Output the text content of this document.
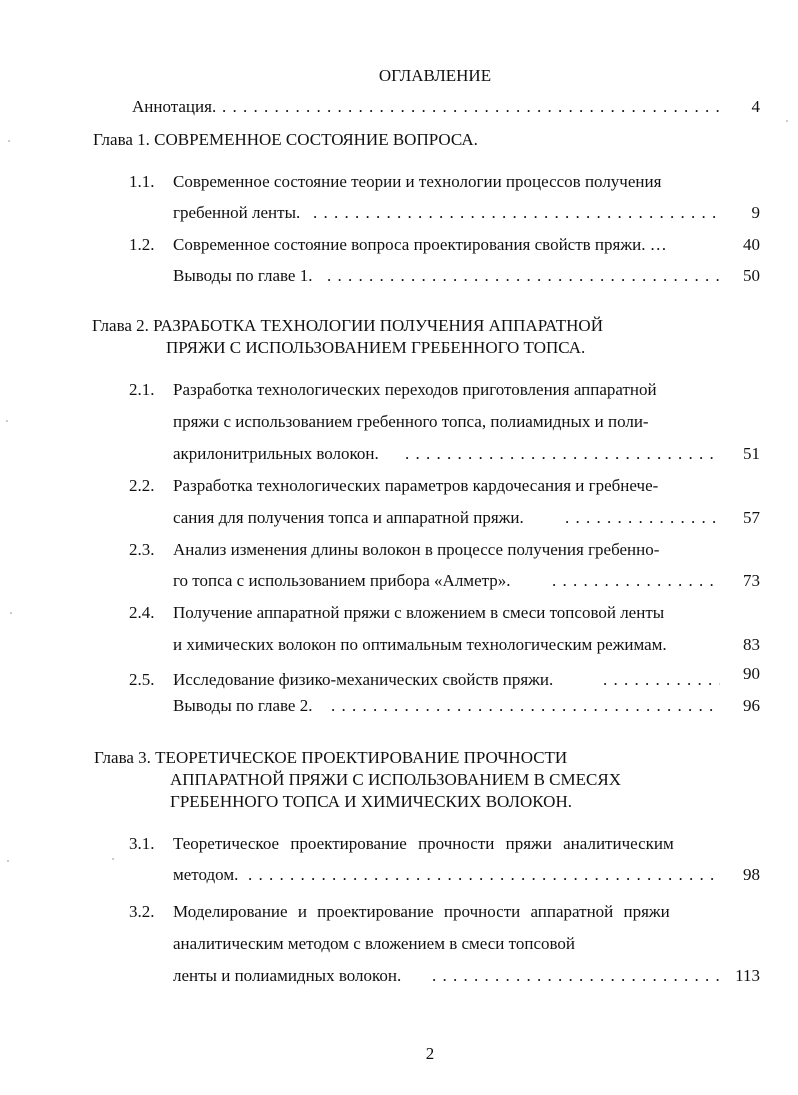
ОГЛАВЛЕНИЕ
Аннотация. . . .	4
Глава 1. СОВРЕМЕННОЕ СОСТОЯНИЕ ВОПРОСА.
1.1. Современное состояние теории и технологии процессов получения
гребенной ленты. . . .	9
1.2. Современное состояние вопроса проектирования свойств пряжи. …	40
Выводы по главе 1. . . .	50
Глава 2. РАЗРАБОТКА ТЕХНОЛОГИИ ПОЛУЧЕНИЯ АППАРАТНОЙ
ПРЯЖИ С ИСПОЛЬЗОВАНИЕМ ГРЕБЕННОГО ТОПСА.
2.1. Разработка технологических переходов приготовления аппаратной
пряжи с использованием гребенного топса, полиамидных и поли-
акрилонитрильных волокон. . . .	51
2.2. Разработка технологических параметров кардочесания и гребнече-
сания для получения топса и аппаратной пряжи. . . .	57
2.3. Анализ изменения длины волокон в процессе получения гребенно-
го топса с использованием прибора «Алметр». . . .	73
2.4. Получение аппаратной пряжи с вложением в смеси топсовой ленты
и химических волокон по оптимальным технологическим режимам.	83
2.5. Исследование физико-механических свойств пряжи. . . .	90
Выводы по главе 2. . . .	96
Глава 3. ТЕОРЕТИЧЕСКОЕ ПРОЕКТИРОВАНИЕ ПРОЧНОСТИ
АППАРАТНОЙ ПРЯЖИ С ИСПОЛЬЗОВАНИЕМ В СМЕСЯХ
ГРЕБЕННОГО ТОПСА И ХИМИЧЕСКИХ ВОЛОКОН.
3.1. Теоретическое проектирование прочности пряжи аналитическим
методом. . . .	98
3.2. Моделирование и проектирование прочности аппаратной пряжи
аналитическим методом с вложением в смеси топсовой
ленты и полиамидных волокон. . . .	113
2
